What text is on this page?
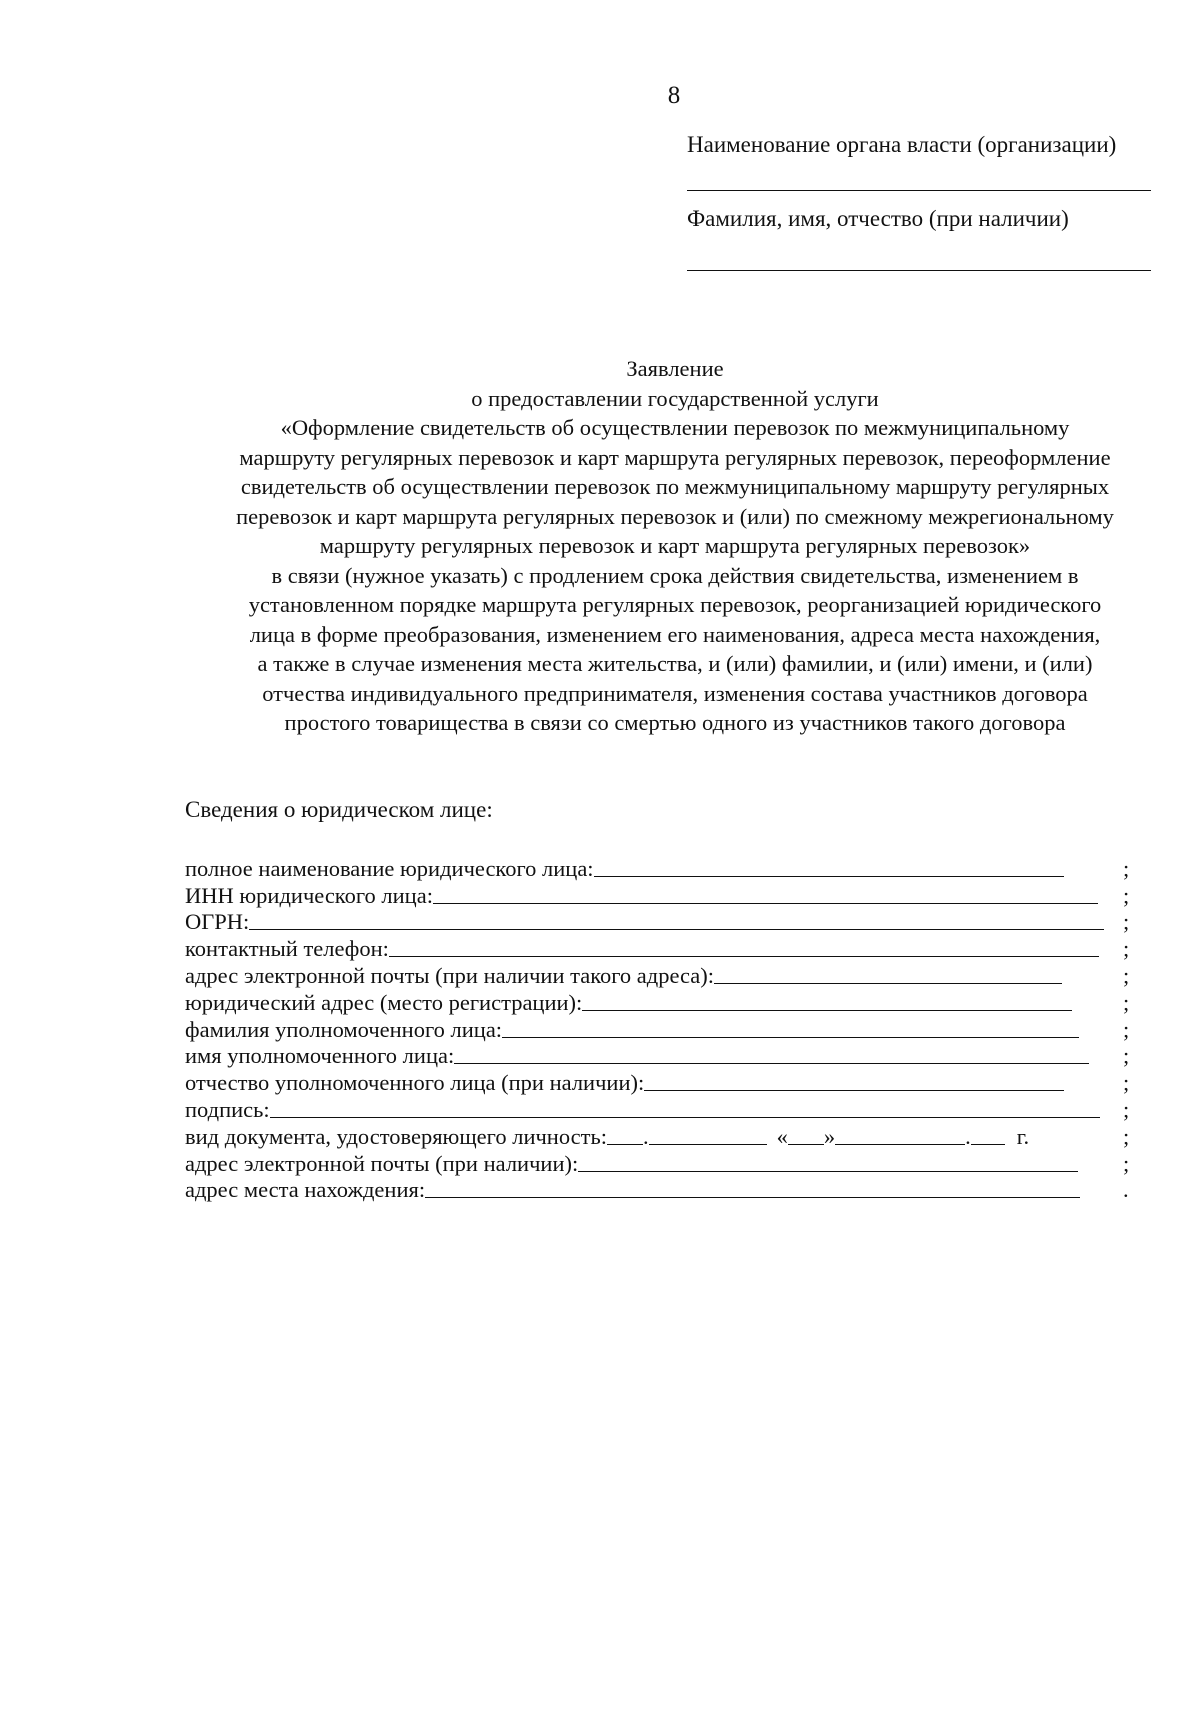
8
Наименование органа власти (организации)
Фамилия, имя, отчество (при наличии)
Заявление
о предоставлении государственной услуги
«Оформление свидетельств об осуществлении перевозок по межмуниципальному
маршруту регулярных перевозок и карт маршрута регулярных перевозок, переоформление
свидетельств об осуществлении перевозок по межмуниципальному маршруту регулярных
перевозок и карт маршрута регулярных перевозок и (или) по смежному межрегиональному
маршруту регулярных перевозок и карт маршрута регулярных перевозок»
в связи (нужное указать) с продлением срока действия свидетельства, изменением в
установленном порядке маршрута регулярных перевозок, реорганизацией юридического
лица в форме преобразования, изменением его наименования, адреса места нахождения,
а также в случае изменения места жительства, и (или) фамилии, и (или) имени, и (или)
отчества индивидуального предпринимателя, изменения состава участников договора
простого товарищества в связи со смертью одного из участников такого договора
Сведения о юридическом лице:
полное наименование юридического лица:	;
ИНН юридического лица:	;
ОГРН:	;
контактный телефон:	;
адрес электронной почты (при наличии такого адреса):	;
юридический адрес (место регистрации):	;
фамилия уполномоченного лица:	;
имя уполномоченного лица:	;
отчество уполномоченного лица (при наличии):	;
подпись:	;
вид документа, удостоверяющего личность: .	« »	. г.	;
адрес электронной почты (при наличии):	;
адрес места нахождения:	.
